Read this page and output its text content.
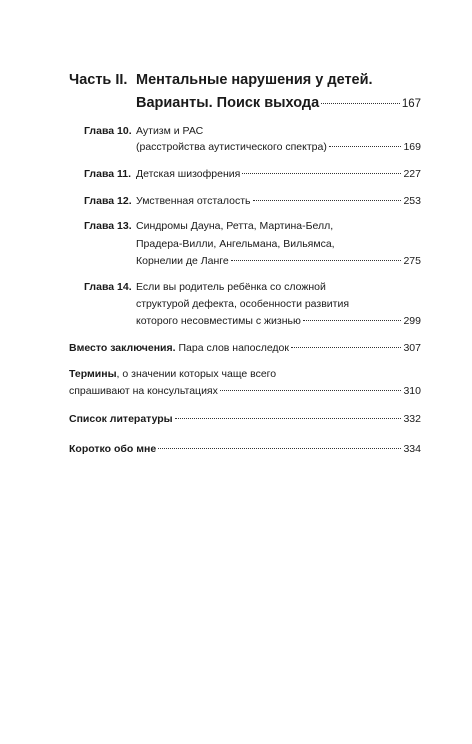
Часть II. Ментальные нарушения у детей.
Варианты. Поиск выхода	167
Глава 10. Аутизм и РАС
(расстройства аутистического спектра)	169
Глава 11. Детская шизофрения	227
Глава 12. Умственная отсталость	253
Глава 13. Синдромы Дауна, Ретта, Мартина-Белл,
Прадера-Вилли, Ангельмана, Вильямса,
Корнелии де Ланге	275
Глава 14. Если вы родитель ребёнка со сложной
структурой дефекта, особенности развития
которого несовместимы с жизнью	299
Вместо заключения.
Пара слов напоследок	307
Термины , о значении которых чаще всего
спрашивают на консультациях	310
Список литературы	332
Коротко обо мне	334
